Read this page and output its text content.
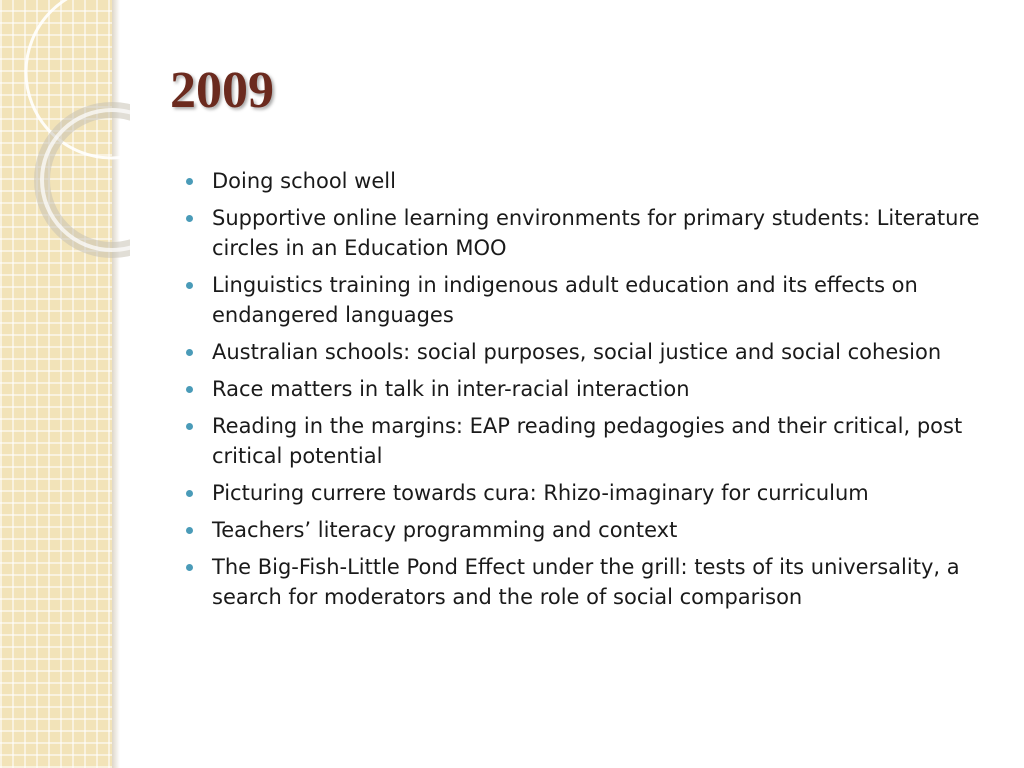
2009
Doing school well
Supportive online learning environments for primary students: Literature circles in an Education MOO
Linguistics training in indigenous adult education and its effects on endangered languages
Australian schools: social purposes, social justice and social cohesion
Race matters in talk in inter-racial interaction
Reading in the margins: EAP reading pedagogies and their critical, post critical potential
Picturing currere towards cura: Rhizo-imaginary for curriculum
Teachers’ literacy programming and context
The Big-Fish-Little Pond Effect under the grill: tests of its universality, a search for moderators and the role of social comparison
